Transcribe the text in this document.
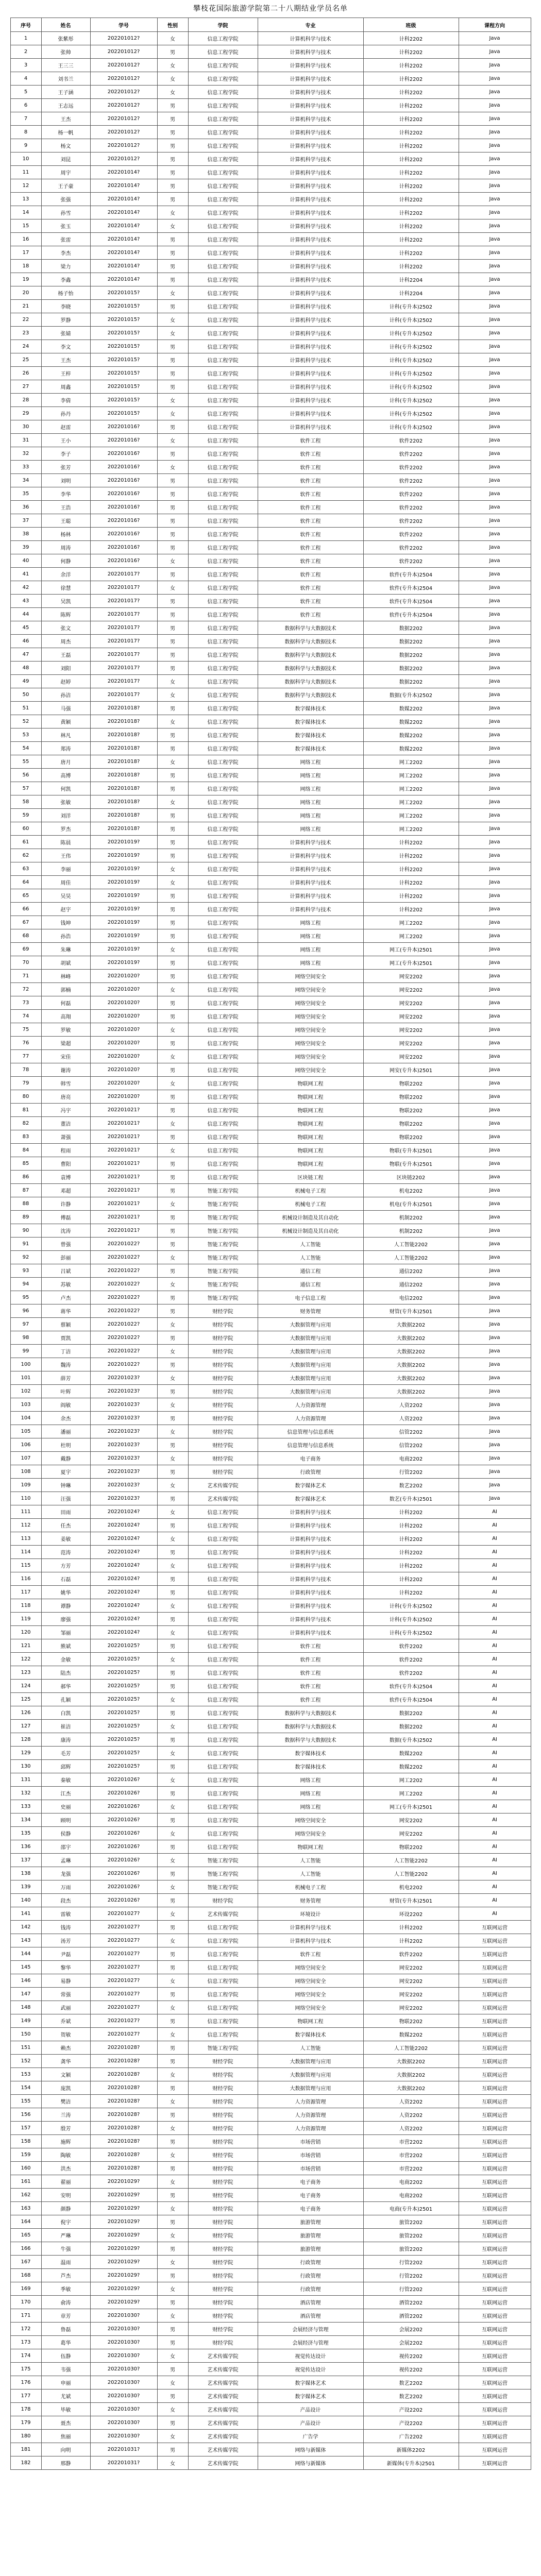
攀枝花国际旅游学院第二十八期结业学员名单
序号	姓名	学号	性别	学院	专业	班级	课程方向
1	张紫彤	202201012?	女	信息工程学院	计算机科学与技术	计科2202	Java
2	张帅	202201012?	男	信息工程学院	计算机科学与技术	计科2202	Java
3	王三三	202201012?	女	信息工程学院	计算机科学与技术	计科2202	Java
4	刘书兰	202201012?	女	信息工程学院	计算机科学与技术	计科2202	Java
5	王子涵	202201012?	女	信息工程学院	计算机科学与技术	计科2202	Java
6	王志远	202201012?	男	信息工程学院	计算机科学与技术	计科2202	Java
7	王杰	202201012?	男	信息工程学院	计算机科学与技术	计科2202	Java
8	杨一帆	202201012?	男	信息工程学院	计算机科学与技术	计科2202	Java
9	杨文	202201012?	男	信息工程学院	计算机科学与技术	计科2202	Java
10	刘昆	202201012?	男	信息工程学院	计算机科学与技术	计科2202	Java
11	周宇	202201014?	男	信息工程学院	计算机科学与技术	计科2202	Java
12	王子豪	202201014?	男	信息工程学院	计算机科学与技术	计科2202	Java
13	张强	202201014?	男	信息工程学院	计算机科学与技术	计科2202	Java
14	孙雪	202201014?	女	信息工程学院	计算机科学与技术	计科2202	Java
15	张玉	202201014?	女	信息工程学院	计算机科学与技术	计科2202	Java
16	张雷	202201014?	男	信息工程学院	计算机科学与技术	计科2202	Java
17	李杰	202201014?	男	信息工程学院	计算机科学与技术	计科2202	Java
18	梁力	202201014?	男	信息工程学院	计算机科学与技术	计科2202	Java
19	李鑫	202201014?	男	信息工程学院	计算机科学与技术	计科2204	Java
20	杨子怡	202201015?	女	信息工程学院	计算机科学与技术	计科2204	Java
21	李晓	202201015?	男	信息工程学院	计算机科学与技术	计科(专升本)2502	Java
22	罗静	202201015?	女	信息工程学院	计算机科学与技术	计科(专升本)2502	Java
23	张婧	202201015?	女	信息工程学院	计算机科学与技术	计科(专升本)2502	Java
24	李文	202201015?	男	信息工程学院	计算机科学与技术	计科(专升本)2502	Java
25	王杰	202201015?	男	信息工程学院	计算机科学与技术	计科(专升本)2502	Java
26	王梓	202201015?	男	信息工程学院	计算机科学与技术	计科(专升本)2502	Java
27	周鑫	202201015?	男	信息工程学院	计算机科学与技术	计科(专升本)2502	Java
28	李倩	202201015?	女	信息工程学院	计算机科学与技术	计科(专升本)2502	Java
29	孙丹	202201015?	女	信息工程学院	计算机科学与技术	计科(专升本)2502	Java
30	赵雷	202201016?	男	信息工程学院	计算机科学与技术	计科(专升本)2502	Java
31	王小	202201016?	女	信息工程学院	软件工程	软件2202	Java
32	李子	202201016?	男	信息工程学院	软件工程	软件2202	Java
33	张芳	202201016?	女	信息工程学院	软件工程	软件2202	Java
34	刘明	202201016?	男	信息工程学院	软件工程	软件2202	Java
35	李华	202201016?	男	信息工程学院	软件工程	软件2202	Java
36	王浩	202201016?	男	信息工程学院	软件工程	软件2202	Java
37	王聪	202201016?	男	信息工程学院	软件工程	软件2202	Java
38	杨林	202201016?	男	信息工程学院	软件工程	软件2202	Java
39	周涛	202201016?	男	信息工程学院	软件工程	软件2202	Java
40	何静	202201016?	女	信息工程学院	软件工程	软件2202	Java
41	余洋	202201017?	男	信息工程学院	软件工程	软件(专升本)2504	Java
42	徐慧	202201017?	女	信息工程学院	软件工程	软件(专升本)2504	Java
43	吴凯	202201017?	男	信息工程学院	软件工程	软件(专升本)2504	Java
44	陈辉	202201017?	男	信息工程学院	软件工程	软件(专升本)2504	Java
45	张文	202201017?	男	信息工程学院	数据科学与大数据技术	数据2202	Java
46	周杰	202201017?	男	信息工程学院	数据科学与大数据技术	数据2202	Java
47	王磊	202201017?	男	信息工程学院	数据科学与大数据技术	数据2202	Java
48	刘阳	202201017?	男	信息工程学院	数据科学与大数据技术	数据2202	Java
49	赵婷	202201017?	女	信息工程学院	数据科学与大数据技术	数据2202	Java
50	孙洁	202201017?	女	信息工程学院	数据科学与大数据技术	数据(专升本)2502	Java
51	马强	202201018?	男	信息工程学院	数字媒体技术	数媒2202	Java
52	黄颖	202201018?	女	信息工程学院	数字媒体技术	数媒2202	Java
53	林凡	202201018?	男	信息工程学院	数字媒体技术	数媒2202	Java
54	郑涛	202201018?	男	信息工程学院	数字媒体技术	数媒2202	Java
55	唐月	202201018?	女	信息工程学院	网络工程	网工2202	Java
56	高博	202201018?	男	信息工程学院	网络工程	网工2202	Java
57	何凯	202201018?	男	信息工程学院	网络工程	网工2202	Java
58	张敏	202201018?	女	信息工程学院	网络工程	网工2202	Java
59	刘洋	202201018?	男	信息工程学院	网络工程	网工2202	Java
60	罗杰	202201018?	男	信息工程学院	网络工程	网工2202	Java
61	陈晨	202201019?	男	信息工程学院	计算机科学与技术	计科2202	Java
62	王伟	202201019?	男	信息工程学院	计算机科学与技术	计科2202	Java
63	李丽	202201019?	女	信息工程学院	计算机科学与技术	计科2202	Java
64	周佳	202201019?	女	信息工程学院	计算机科学与技术	计科2202	Java
65	吴昊	202201019?	男	信息工程学院	计算机科学与技术	计科2202	Java
66	赵宇	202201019?	男	信息工程学院	计算机科学与技术	计科2202	Java
67	钱坤	202201019?	男	信息工程学院	网络工程	网工2202	Java
68	孙浩	202201019?	男	信息工程学院	网络工程	网工2202	Java
69	朱琳	202201019?	女	信息工程学院	网络工程	网工(专升本)2501	Java
70	胡斌	202201019?	男	信息工程学院	网络工程	网工(专升本)2501	Java
71	林峰	202201020?	男	信息工程学院	网络空间安全	网安2202	Java
72	郭楠	202201020?	女	信息工程学院	网络空间安全	网安2202	Java
73	何磊	202201020?	男	信息工程学院	网络空间安全	网安2202	Java
74	高翔	202201020?	男	信息工程学院	网络空间安全	网安2202	Java
75	罗敏	202201020?	女	信息工程学院	网络空间安全	网安2202	Java
76	梁超	202201020?	男	信息工程学院	网络空间安全	网安2202	Java
77	宋佳	202201020?	女	信息工程学院	网络空间安全	网安2202	Java
78	谢涛	202201020?	男	信息工程学院	网络空间安全	网安(专升本)2501	Java
79	韩雪	202201020?	女	信息工程学院	物联网工程	物联2202	Java
80	唐亮	202201020?	男	信息工程学院	物联网工程	物联2202	Java
81	冯宇	202201021?	男	信息工程学院	物联网工程	物联2202	Java
82	董洁	202201021?	女	信息工程学院	物联网工程	物联2202	Java
83	萧强	202201021?	男	信息工程学院	物联网工程	物联2202	Java
84	程雨	202201021?	女	信息工程学院	物联网工程	物联(专升本)2501	Java
85	曹阳	202201021?	男	信息工程学院	物联网工程	物联(专升本)2501	Java
86	袁博	202201021?	男	信息工程学院	区块链工程	区块链2202	Java
87	邓超	202201021?	男	智能工程学院	机械电子工程	机电2202	Java
88	许静	202201021?	女	智能工程学院	机械电子工程	机电(专升本)2501	Java
89	傅磊	202201021?	男	智能工程学院	机械设计制造及其自动化	机制2202	Java
90	沈涛	202201021?	男	智能工程学院	机械设计制造及其自动化	机制2202	Java
91	曾强	202201022?	男	智能工程学院	人工智能	人工智能2202	Java
92	彭丽	202201022?	女	智能工程学院	人工智能	人工智能2202	Java
93	吕斌	202201022?	男	智能工程学院	通信工程	通信2202	Java
94	苏敏	202201022?	女	智能工程学院	通信工程	通信2202	Java
95	卢杰	202201022?	男	智能工程学院	电子信息工程	电信2202	Java
96	蒋华	202201022?	男	财经学院	财务管理	财管(专升本)2501	Java
97	蔡颖	202201022?	女	财经学院	大数据管理与应用	大数据2202	Java
98	贾凯	202201022?	男	财经学院	大数据管理与应用	大数据2202	Java
99	丁洁	202201022?	女	财经学院	大数据管理与应用	大数据2202	Java
100	魏涛	202201022?	男	财经学院	大数据管理与应用	大数据2202	Java
101	薛芳	202201023?	女	财经学院	大数据管理与应用	大数据2202	Java
102	叶辉	202201023?	男	财经学院	大数据管理与应用	大数据2202	Java
103	阎敏	202201023?	女	财经学院	人力资源管理	人资2202	Java
104	余杰	202201023?	男	财经学院	人力资源管理	人资2202	Java
105	潘丽	202201023?	女	财经学院	信息管理与信息系统	信管2202	Java
106	杜明	202201023?	男	财经学院	信息管理与信息系统	信管2202	Java
107	戴静	202201023?	女	财经学院	电子商务	电商2202	Java
108	夏宇	202201023?	男	财经学院	行政管理	行管2202	Java
109	钟琳	202201023?	女	艺术传媒学院	数字媒体艺术	数艺2202	Java
110	汪强	202201023?	男	艺术传媒学院	数字媒体艺术	数艺(专升本)2501	Java
111	田雨	202201024?	女	信息工程学院	计算机科学与技术	计科2202	AI
112	任杰	202201024?	男	信息工程学院	计算机科学与技术	计科2202	AI
113	姜敏	202201024?	女	信息工程学院	计算机科学与技术	计科2202	AI
114	范涛	202201024?	男	信息工程学院	计算机科学与技术	计科2202	AI
115	方芳	202201024?	女	信息工程学院	计算机科学与技术	计科2202	AI
116	石磊	202201024?	男	信息工程学院	计算机科学与技术	计科2202	AI
117	姚华	202201024?	男	信息工程学院	计算机科学与技术	计科2202	AI
118	谭静	202201024?	女	信息工程学院	计算机科学与技术	计科(专升本)2502	AI
119	廖强	202201024?	男	信息工程学院	计算机科学与技术	计科(专升本)2502	AI
120	邹丽	202201024?	女	信息工程学院	计算机科学与技术	计科(专升本)2502	AI
121	熊斌	202201025?	男	信息工程学院	软件工程	软件2202	AI
122	金敏	202201025?	女	信息工程学院	软件工程	软件2202	AI
123	陆杰	202201025?	男	信息工程学院	软件工程	软件2202	AI
124	郝华	202201025?	男	信息工程学院	软件工程	软件(专升本)2504	AI
125	孔颖	202201025?	女	信息工程学院	软件工程	软件(专升本)2504	AI
126	白凯	202201025?	男	信息工程学院	数据科学与大数据技术	数据2202	AI
127	崔洁	202201025?	女	信息工程学院	数据科学与大数据技术	数据2202	AI
128	康涛	202201025?	男	信息工程学院	数据科学与大数据技术	数据(专升本)2502	AI
129	毛芳	202201025?	女	信息工程学院	数字媒体技术	数媒2202	AI
130	邱辉	202201025?	男	信息工程学院	数字媒体技术	数媒2202	AI
131	秦敏	202201026?	女	信息工程学院	网络工程	网工2202	AI
132	江杰	202201026?	男	信息工程学院	网络工程	网工2202	AI
133	史丽	202201026?	女	信息工程学院	网络工程	网工(专升本)2501	AI
134	顾明	202201026?	男	信息工程学院	网络空间安全	网安2202	AI
135	侯静	202201026?	女	信息工程学院	网络空间安全	网安2202	AI
136	邵宇	202201026?	男	信息工程学院	物联网工程	物联2202	AI
137	孟琳	202201026?	女	智能工程学院	人工智能	人工智能2202	AI
138	龙强	202201026?	男	智能工程学院	人工智能	人工智能2202	AI
139	万雨	202201026?	女	智能工程学院	机械电子工程	机电2202	AI
140	段杰	202201026?	男	财经学院	财务管理	财管(专升本)2501	AI
141	雷敏	202201027?	女	艺术传媒学院	环境设计	环设2202	AI
142	钱涛	202201027?	男	信息工程学院	计算机科学与技术	计科2202	互联网运营
143	汤芳	202201027?	女	信息工程学院	计算机科学与技术	计科2202	互联网运营
144	尹磊	202201027?	男	信息工程学院	软件工程	软件2202	互联网运营
145	黎华	202201027?	男	信息工程学院	网络空间安全	网安2202	互联网运营
146	易静	202201027?	女	信息工程学院	网络空间安全	网安2202	互联网运营
147	常强	202201027?	男	信息工程学院	网络空间安全	网安2202	互联网运营
148	武丽	202201027?	女	信息工程学院	网络空间安全	网安2202	互联网运营
149	乔斌	202201027?	男	信息工程学院	物联网工程	物联2202	互联网运营
150	贺敏	202201027?	女	信息工程学院	数字媒体技术	数媒2202	互联网运营
151	赖杰	202201028?	男	智能工程学院	人工智能	人工智能2202	互联网运营
152	龚华	202201028?	男	财经学院	大数据管理与应用	大数据2202	互联网运营
153	文颖	202201028?	女	财经学院	大数据管理与应用	大数据2202	互联网运营
154	庞凯	202201028?	男	财经学院	大数据管理与应用	大数据2202	互联网运营
155	樊洁	202201028?	女	财经学院	人力资源管理	人资2202	互联网运营
156	兰涛	202201028?	男	财经学院	人力资源管理	人资2202	互联网运营
157	殷芳	202201028?	女	财经学院	人力资源管理	人资2202	互联网运营
158	施辉	202201028?	男	财经学院	市场营销	市营2202	互联网运营
159	陶敏	202201028?	女	财经学院	市场营销	市营2202	互联网运营
160	洪杰	202201028?	男	财经学院	市场营销	市营2202	互联网运营
161	翟丽	202201029?	女	财经学院	电子商务	电商2202	互联网运营
162	安明	202201029?	男	财经学院	电子商务	电商2202	互联网运营
163	颜静	202201029?	女	财经学院	电子商务	电商(专升本)2501	互联网运营
164	倪宇	202201029?	男	财经学院	旅游管理	旅管2202	互联网运营
165	严琳	202201029?	女	财经学院	旅游管理	旅管2202	互联网运营
166	牛强	202201029?	男	财经学院	旅游管理	旅管2202	互联网运营
167	温雨	202201029?	女	财经学院	行政管理	行管2202	互联网运营
168	芦杰	202201029?	男	财经学院	行政管理	行管2202	互联网运营
169	季敏	202201029?	女	财经学院	行政管理	行管2202	互联网运营
170	俞涛	202201029?	男	财经学院	酒店管理	酒管2202	互联网运营
171	章芳	202201030?	女	财经学院	酒店管理	酒管2202	互联网运营
172	鲁磊	202201030?	男	财经学院	会展经济与管理	会展2202	互联网运营
173	葛华	202201030?	男	财经学院	会展经济与管理	会展2202	互联网运营
174	伍静	202201030?	女	艺术传媒学院	视觉传达设计	视传2202	互联网运营
175	韦强	202201030?	男	艺术传媒学院	视觉传达设计	视传2202	互联网运营
176	申丽	202201030?	女	艺术传媒学院	数字媒体艺术	数艺2202	互联网运营
177	尤斌	202201030?	男	艺术传媒学院	数字媒体艺术	数艺2202	互联网运营
178	毕敏	202201030?	女	艺术传媒学院	产品设计	产设2202	互联网运营
179	聂杰	202201030?	男	艺术传媒学院	产品设计	产设2202	互联网运营
180	焦丽	202201030?	女	艺术传媒学院	广告学	广告2202	互联网运营
181	向明	202201031?	男	艺术传媒学院	网络与新媒体	新媒体2202	互联网运营
182	邢静	202201031?	女	艺术传媒学院	网络与新媒体	新媒体(专升本)2501	互联网运营
